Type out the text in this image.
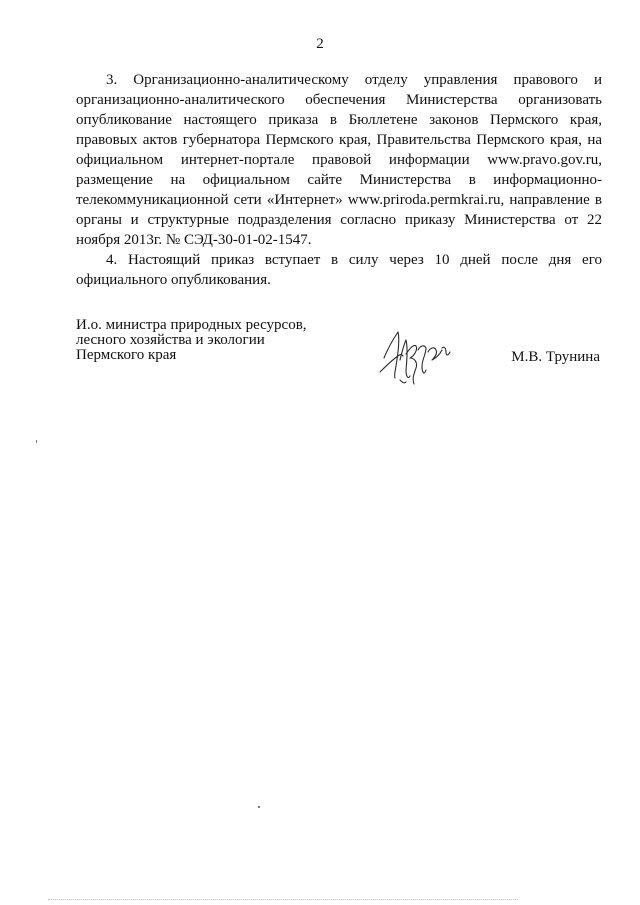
2

3. Организационно-аналитическому отделу управления правового и организационно-аналитического обеспечения Министерства организовать опубликование настоящего приказа в Бюллетене законов Пермского края, правовых актов губернатора Пермского края, Правительства Пермского края, на официальном интернет-портале правовой информации www.pravo.gov.ru, размещение на официальном сайте Министерства в информационно-телекоммуникационной сети «Интернет» www.priroda.permkrai.ru, направление в органы и структурные подразделения согласно приказу Министерства от 22 ноября 2013г. № СЭД-30-01-02-1547.

4. Настоящий приказ вступает в силу через 10 дней после дня его официального опубликования.

И.о. министра природных ресурсов,
лесного хозяйства и экологии
Пермского края	М.В. Трунина
